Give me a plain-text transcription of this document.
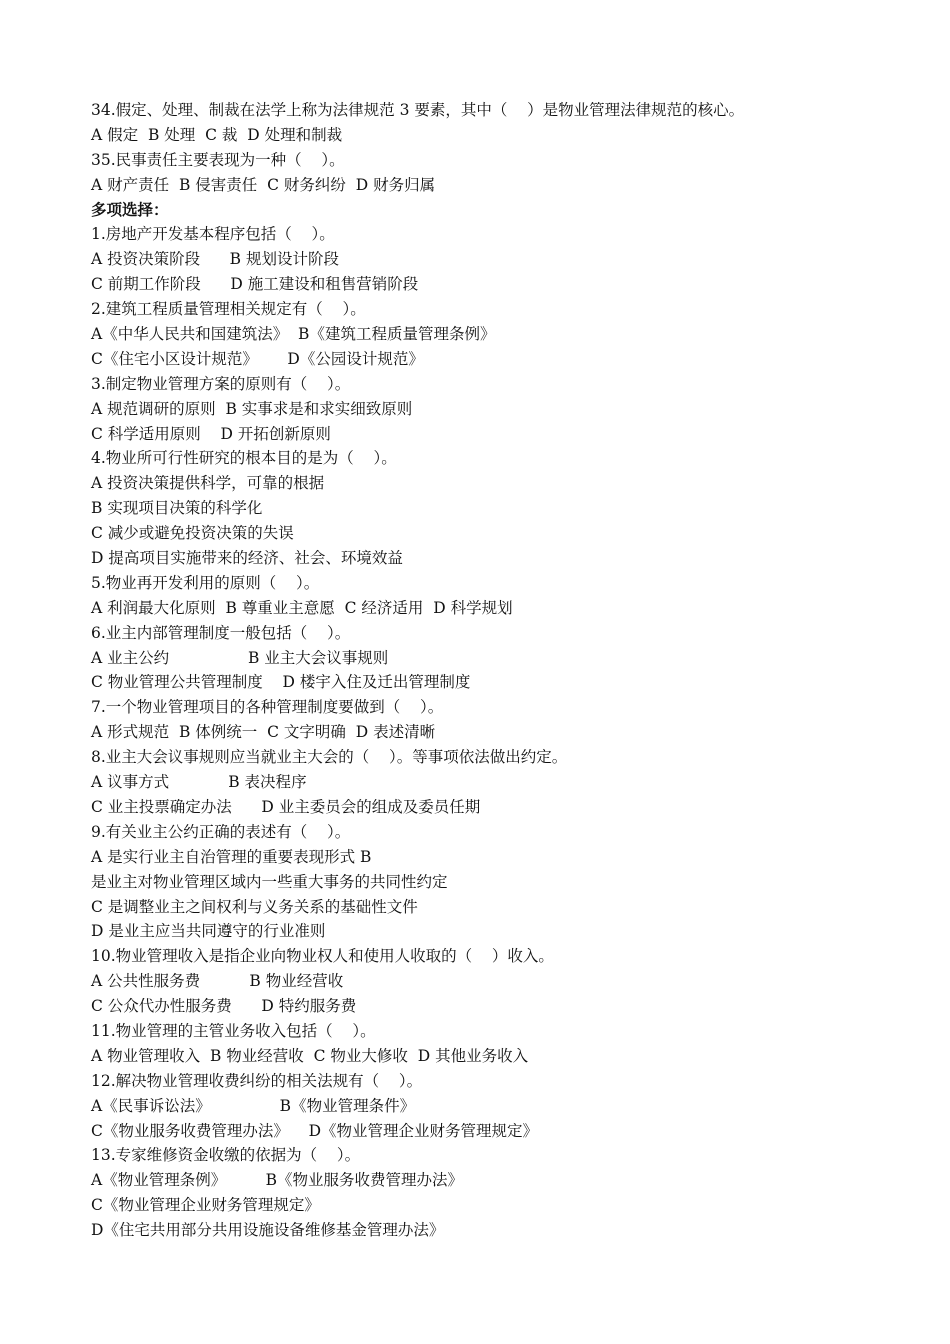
34.假定、处理、制裁在法学上称为法律规范 3 要素，其中（    ）是物业管理法律规范的核心。
A 假定  B 处理  C 裁  D 处理和制裁
35.民事责任主要表现为一种（    ）。
A 财产责任  B 侵害责任  C 财务纠纷  D 财务归属
多项选择：
1.房地产开发基本程序包括（    ）。
A 投资决策阶段      B 规划设计阶段
C 前期工作阶段      D 施工建设和租售营销阶段
2.建筑工程质量管理相关规定有（    ）。
A《中华人民共和国建筑法》  B《建筑工程质量管理条例》
C《住宅小区设计规范》      D《公园设计规范》
3.制定物业管理方案的原则有（    ）。
A 规范调研的原则  B 实事求是和求实细致原则
C 科学适用原则    D 开拓创新原则
4.物业所可行性研究的根本目的是为（    ）。
A 投资决策提供科学，可靠的根据
B 实现项目决策的科学化
C 减少或避免投资决策的失误
D 提高项目实施带来的经济、社会、环境效益
5.物业再开发利用的原则（    ）。
A 利润最大化原则  B 尊重业主意愿  C 经济适用  D 科学规划
6.业主内部管理制度一般包括（    ）。
A 业主公约                B 业主大会议事规则
C 物业管理公共管理制度    D 楼宇入住及迁出管理制度
7.一个物业管理项目的各种管理制度要做到（    ）。
A 形式规范  B 体例统一  C 文字明确  D 表述清晰
8.业主大会议事规则应当就业主大会的（    ）。等事项依法做出约定。
A 议事方式            B 表决程序
C 业主投票确定办法      D 业主委员会的组成及委员任期
9.有关业主公约正确的表述有（    ）。
A 是实行业主自治管理的重要表现形式 B
是业主对物业管理区域内一些重大事务的共同性约定
C 是调整业主之间权利与义务关系的基础性文件
D 是业主应当共同遵守的行业准则
10.物业管理收入是指企业向物业权人和使用人收取的（    ）收入。
A 公共性服务费          B 物业经营收
C 公众代办性服务费      D 特约服务费
11.物业管理的主管业务收入包括（    ）。
A 物业管理收入  B 物业经营收  C 物业大修收  D 其他业务收入
12.解决物业管理收费纠纷的相关法规有（    ）。
A《民事诉讼法》              B《物业管理条件》
C《物业服务收费管理办法》    D《物业管理企业财务管理规定》
13.专家维修资金收缴的依据为（    ）。
A《物业管理条例》        B《物业服务收费管理办法》
C《物业管理企业财务管理规定》
D《住宅共用部分共用设施设备维修基金管理办法》
